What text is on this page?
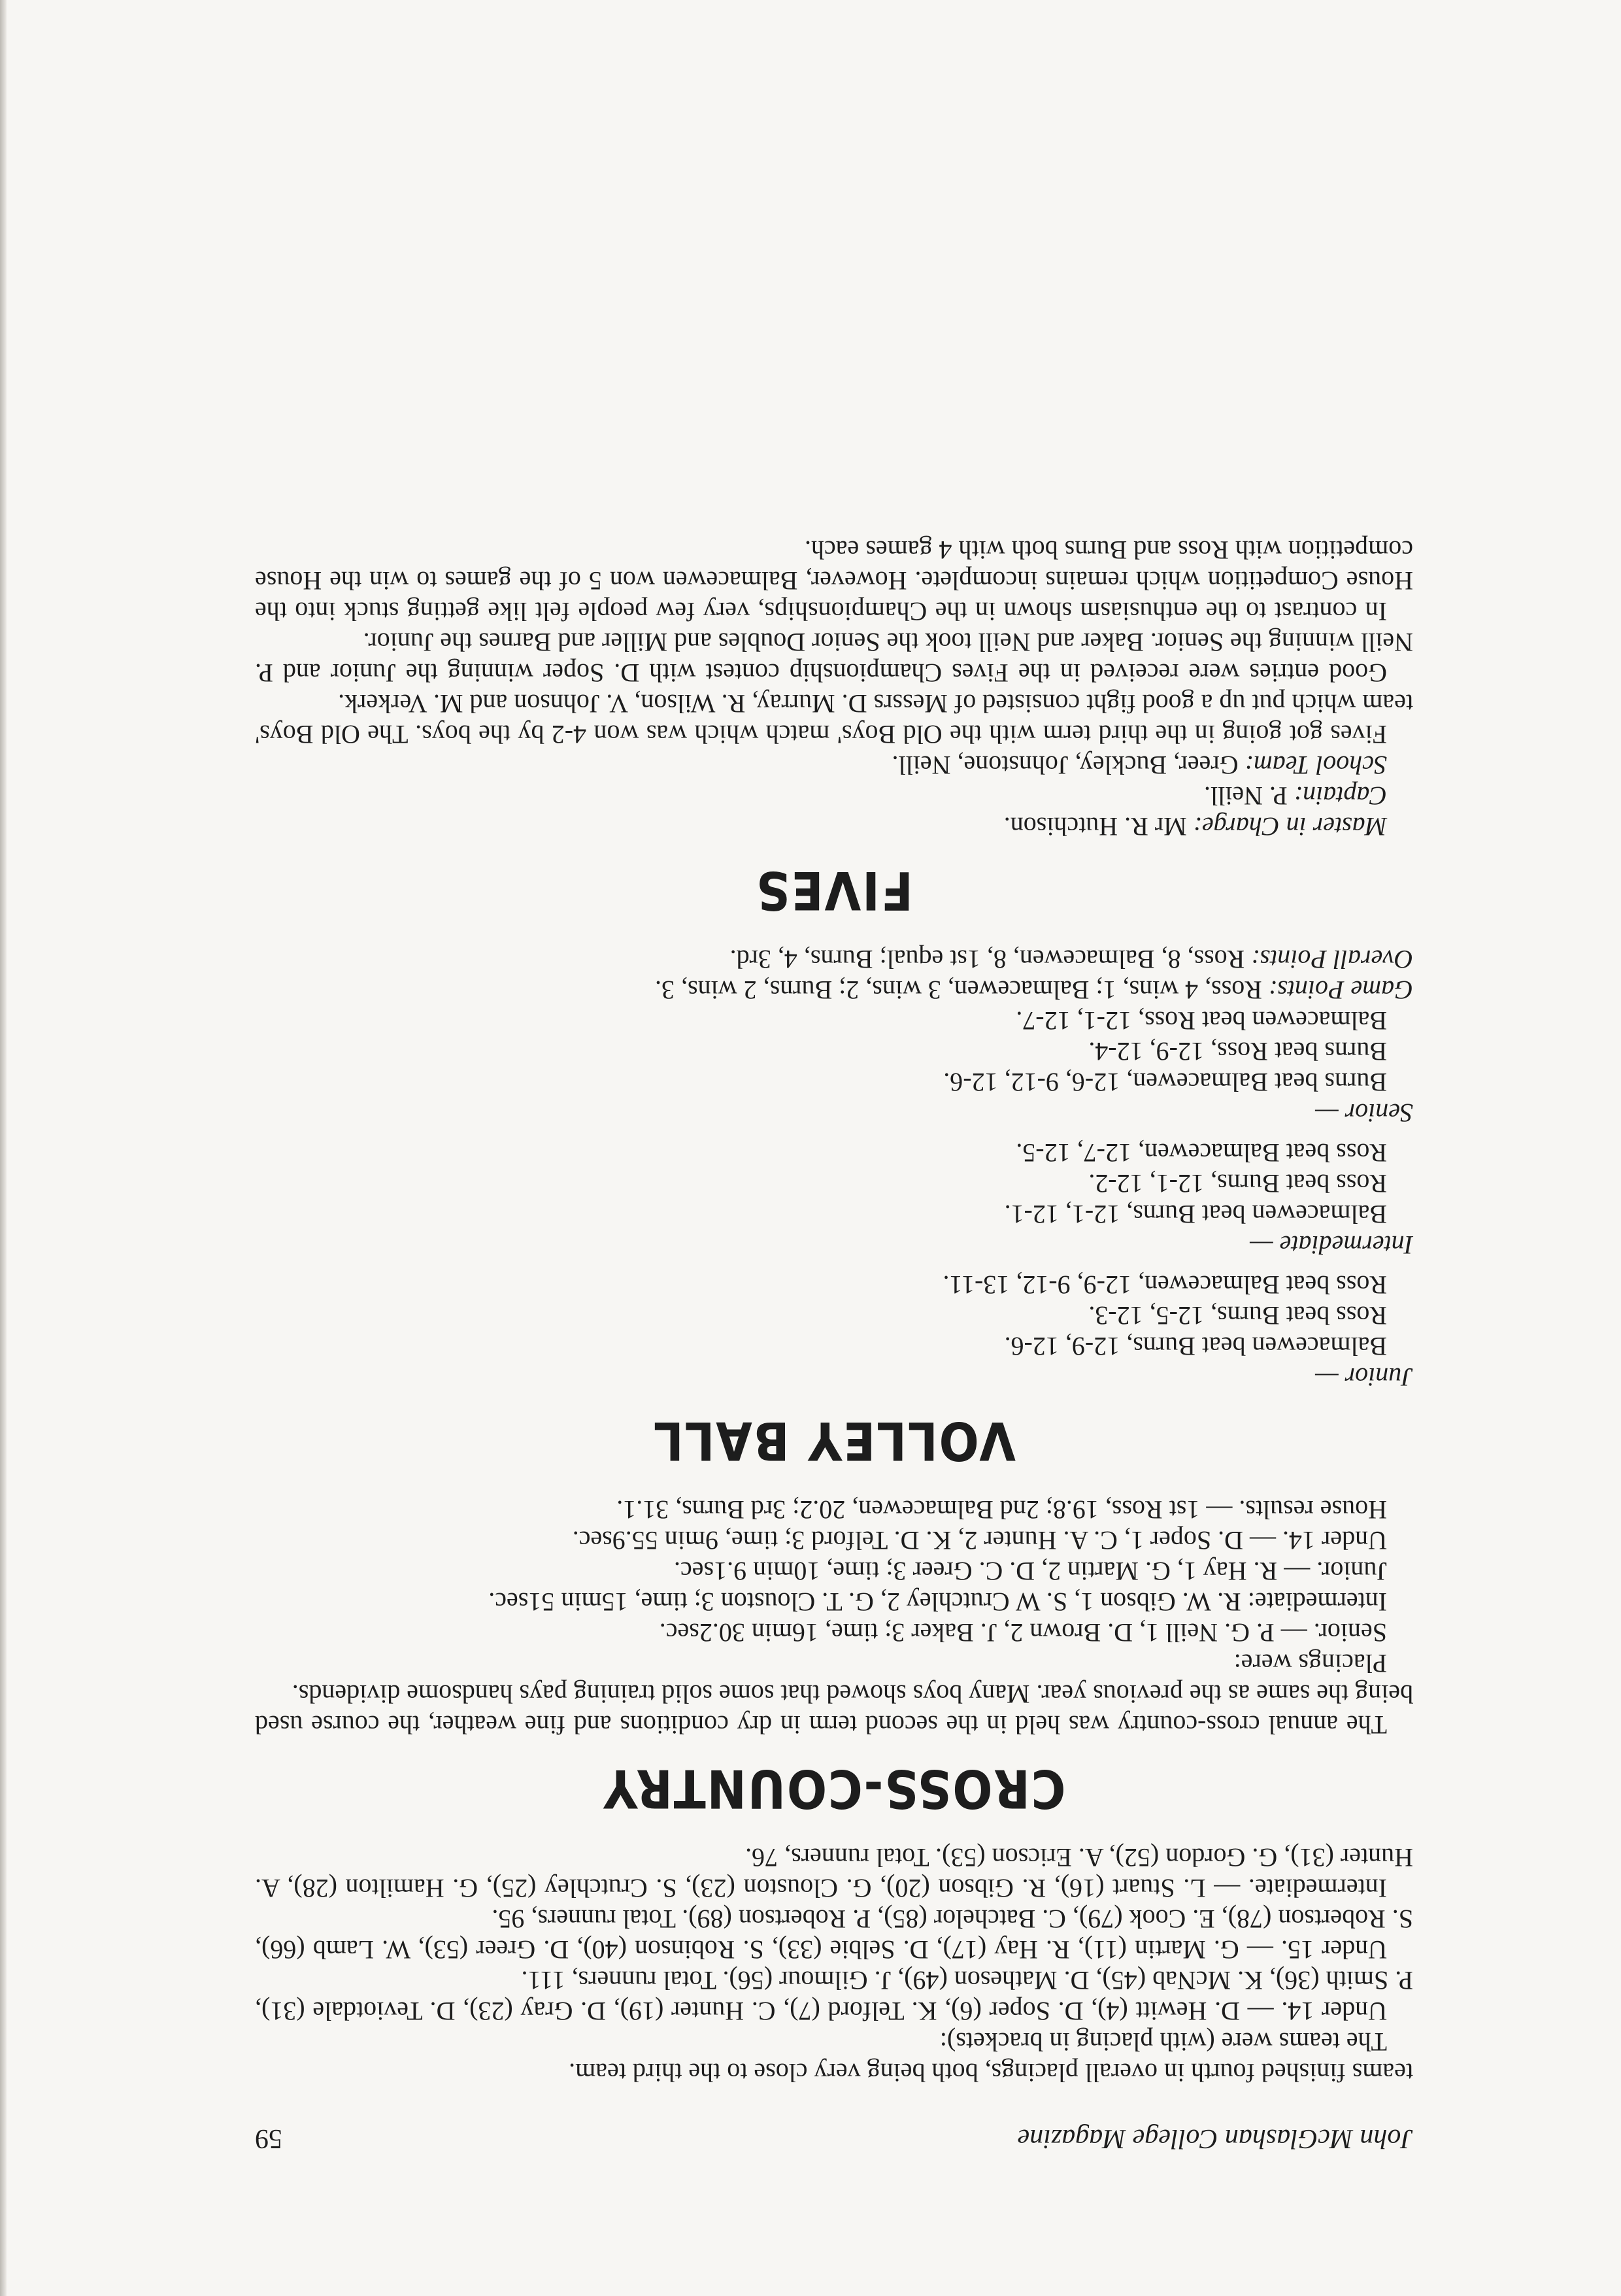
John McGlashan College Magazine
59

teams finished fourth in overall placings, both being very close to the third team.

The teams were (with placing in brackets):

Under 14. — D. Hewitt (4), D. Soper (6), K. Telford (7), C. Hunter (19), D. Gray (23), D. Teviotdale (31), P. Smith (36), K. McNab (45), D. Matheson (49), J. Gilmour (56). Total runners, 111.

Under 15. — G. Martin (11), R. Hay (17), D. Selbie (33), S. Robinson (40), D. Greer (53), W. Lamb (66), S. Robertson (78), E. Cook (79), C. Batchelor (85), P. Robertson (89). Total runners, 95.

Intermediate. — L. Stuart (16), R. Gibson (20), G. Clouston (23), S. Crutchley (25), G. Hamilton (28), A. Hunter (31), G. Gordon (52), A. Ericson (53). Total runners, 76.

CROSS-COUNTRY

The annual cross-country was held in the second term in dry conditions and fine weather, the course used being the same as the previous year. Many boys showed that some solid training pays handsome dividends.

Placings were:

Senior. — P. G. Neill 1, D. Brown 2, J. Baker 3; time, 16min 30.2sec.

Intermediate: R. W. Gibson 1, S. W Crutchley 2, G. T. Clouston 3; time, 15min 51sec.

Junior. — R. Hay 1, G. Martin 2, D. C. Greer 3; time, 10min 9.1sec.

Under 14. — D. Soper 1, C. A. Hunter 2, K. D. Telford 3; time, 9min 55.9sec.

House results. — 1st Ross, 19.8; 2nd Balmacewen, 20.2; 3rd Burns, 31.1.

VOLLEY BALL

Junior —

Balmacewen beat Burns, 12-9, 12-6.

Ross beat Burns, 12-5, 12-3.

Ross beat Balmacewen, 12-9, 9-12, 13-11.

Intermediate —

Balmacewen beat Burns, 12-1, 12-1.

Ross beat Burns, 12-1, 12-2.

Ross beat Balmacewen, 12-7, 12-5.

Senior —

Burns beat Balmacewen, 12-6, 9-12, 12-6.

Burns beat Ross, 12-9, 12-4.

Balmacewen beat Ross, 12-1, 12-7.

Game Points: Ross, 4 wins, 1; Balmacewen, 3 wins, 2; Burns, 2 wins, 3.

Overall Points: Ross, 8, Balmacewen, 8, 1st equal; Burns, 4, 3rd.

FIVES

Master in Charge: Mr R. Hutchison.

Captain: P. Neill.

School Team: Greer, Buckley, Johnstone, Neill.

Fives got going in the third term with the Old Boys' match which was won 4-2 by the boys. The Old Boys' team which put up a good fight consisted of Messrs D. Murray, R. Wilson, V. Johnson and M. Verkerk.

Good entries were received in the Fives Championship contest with D. Soper winning the Junior and P. Neill winning the Senior. Baker and Neill took the Senior Doubles and Miller and Barnes the Junior.

In contrast to the enthusiasm shown in the Championships, very few people felt like getting stuck into the House Competition which remains incomplete. However, Balmacewen won 5 of the games to win the House competition with Ross and Burns both with 4 games each.
